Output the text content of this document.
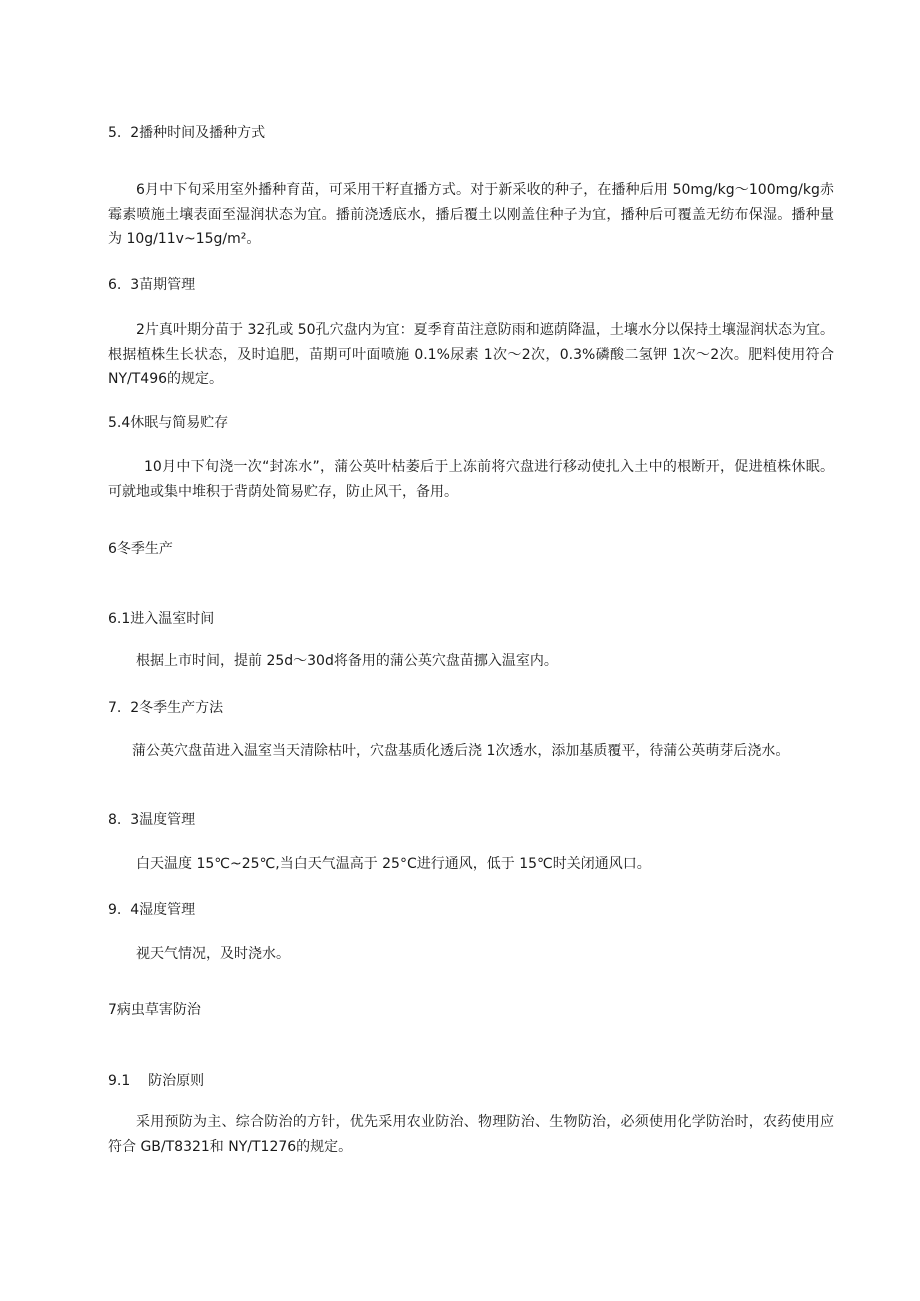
5.  2播种时间及播种方式

6月中下旬采用室外播种育苗，可采用干籽直播方式。对于新采收的种子，在播种后用 50mg/kg～100mg/kg赤霉素喷施土壤表面至湿润状态为宜。播前浇透底水，播后覆土以刚盖住种子为宜，播种后可覆盖无纺布保湿。播种量为 10g∕11v~15g∕m²。

6.  3苗期管理

2片真叶期分苗于 32孔或 50孔穴盘内为宜：夏季育苗注意防雨和遮荫降温，土壤水分以保持土壤湿润状态为宜。根据植株生长状态，及时追肥，苗期可叶面喷施 0.1%尿素 1次～2次，0.3%磷酸二氢钾 1次～2次。肥料使用符合 NY/T496的规定。

5.4休眠与简易贮存

10月中下旬浇一次“封冻水”，蒲公英叶枯萎后于上冻前将穴盘进行移动使扎入土中的根断开，促进植株休眠。可就地或集中堆积于背荫处简易贮存，防止风干，备用。

6冬季生产
6.1进入温室时间

根据上市时间，提前 25d～30d将备用的蒲公英穴盘苗挪入温室内。

7.  2冬季生产方法

蒲公英穴盘苗进入温室当天清除枯叶，穴盘基质化透后浇 1次透水，添加基质覆平，待蒲公英萌芽后浇水。

8.  3温度管理

白天温度 15℃~25℃,当白天气温高于 25°C进行通风，低于 15℃时关闭通风口。

9.  4湿度管理

视天气情况，及时浇水。

7病虫草害防治
9.1    防治原则

采用预防为主、综合防治的方针，优先采用农业防治、物理防治、生物防治，必须使用化学防治时，农药使用应符合 GB/T8321和 NY/T1276的规定。
